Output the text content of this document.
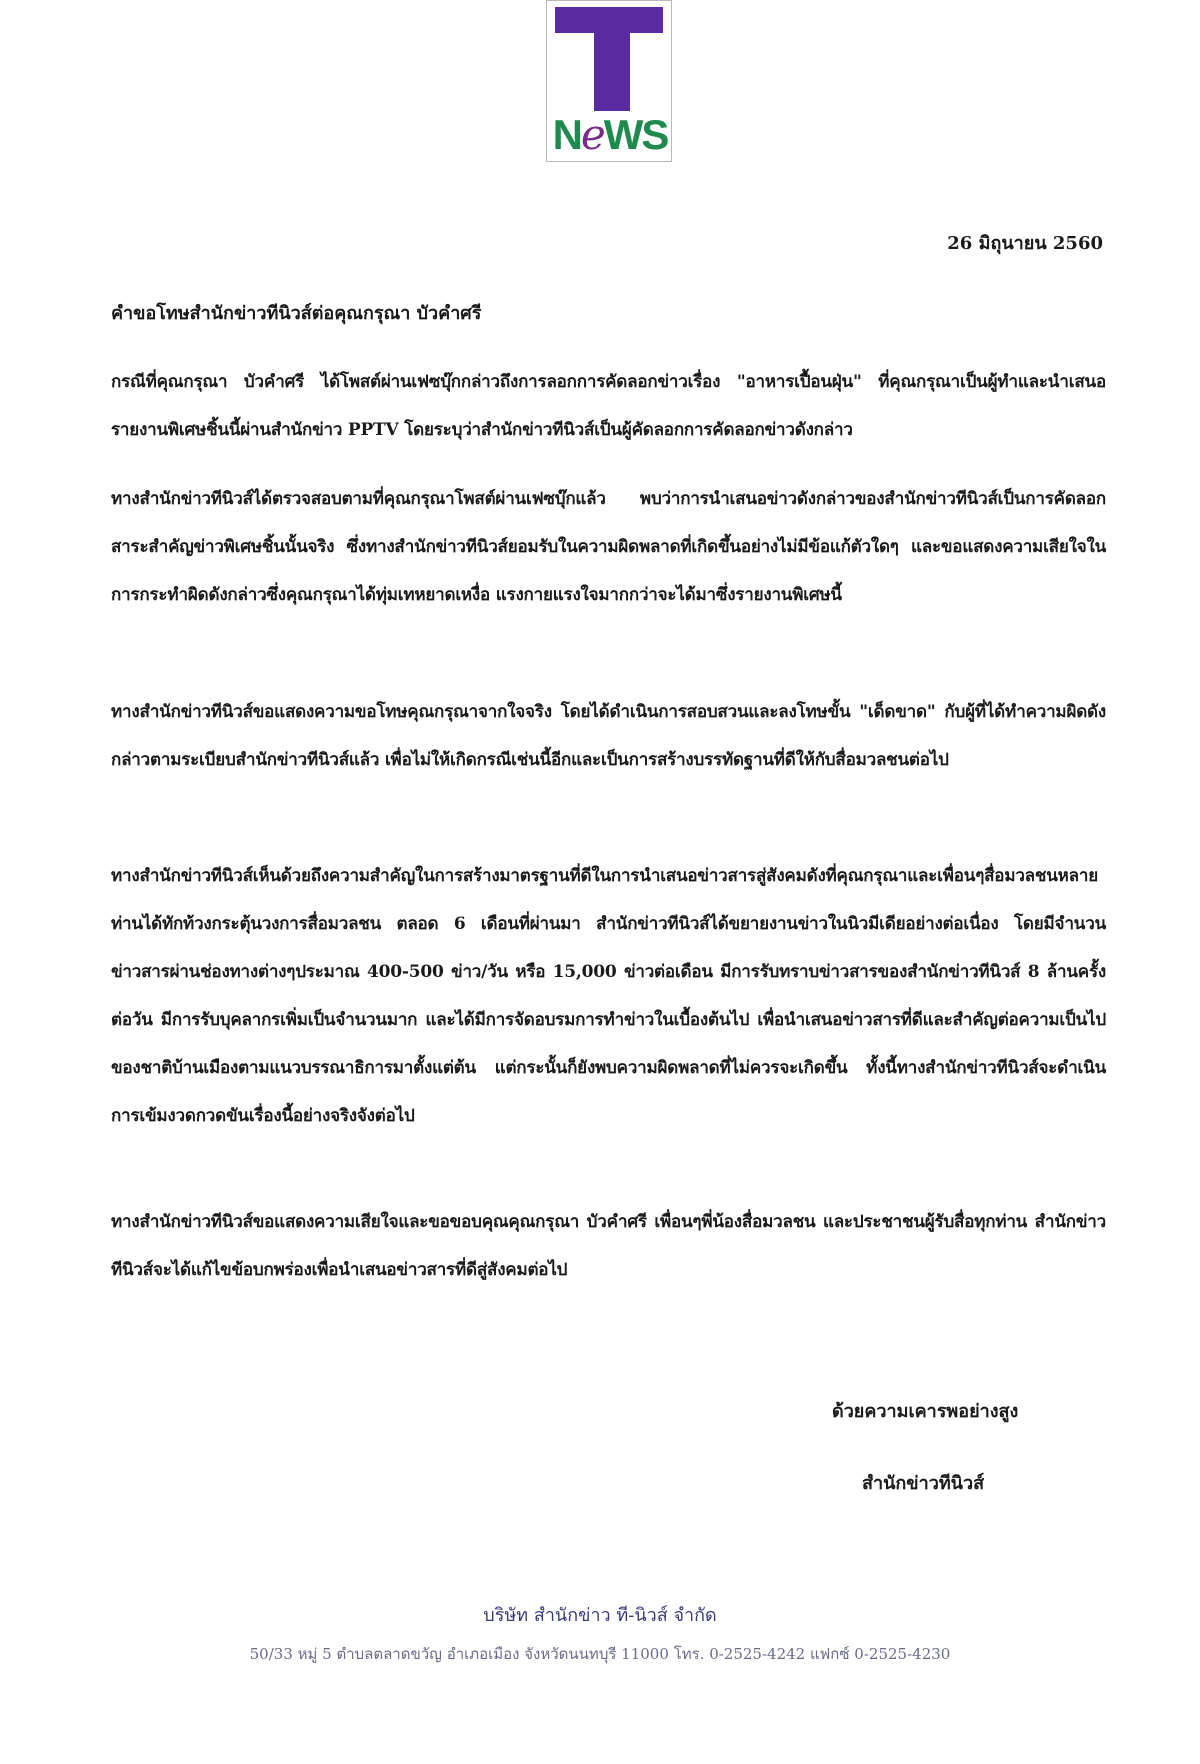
NeWS
26 มิถุนายน 2560
คำขอโทษสำนักข่าวทีนิวส์ต่อคุณกรุณา บัวคำศรี
กรณีที่คุณกรุณา บัวคำศรี ได้โพสต์ผ่านเฟซบุ๊กกล่าวถึงการลอกการคัดลอกข่าวเรื่อง "อาหารเปื้อนฝุ่น" ที่คุณกรุณาเป็นผู้ทำและนำเสนอรายงานพิเศษชิ้นนี้ผ่านสำนักข่าว PPTV โดยระบุว่าสำนักข่าวทีนิวส์เป็นผู้คัดลอกการคัดลอกข่าวดังกล่าว
ทางสำนักข่าวทีนิวส์ได้ตรวจสอบตามที่คุณกรุณาโพสต์ผ่านเฟซบุ๊กแล้ว พบว่าการนำเสนอข่าวดังกล่าวของสำนักข่าวทีนิวส์เป็นการคัดลอกสาระสำคัญข่าวพิเศษชิ้นนั้นจริง ซึ่งทางสำนักข่าวทีนิวส์ยอมรับในความผิดพลาดที่เกิดขึ้นอย่างไม่มีข้อแก้ตัวใดๆ และขอแสดงความเสียใจในการกระทำผิดดังกล่าวซึ่งคุณกรุณาได้ทุ่มเทหยาดเหงื่อ แรงกายแรงใจมากกว่าจะได้มาซึ่งรายงานพิเศษนี้
ทางสำนักข่าวทีนิวส์ขอแสดงความขอโทษคุณกรุณาจากใจจริง โดยได้ดำเนินการสอบสวนและลงโทษขั้น "เด็ดขาด" กับผู้ที่ได้ทำความผิดดังกล่าวตามระเบียบสำนักข่าวทีนิวส์แล้ว เพื่อไม่ให้เกิดกรณีเช่นนี้อีกและเป็นการสร้างบรรทัดฐานที่ดีให้กับสื่อมวลชนต่อไป
ทางสำนักข่าวทีนิวส์เห็นด้วยถึงความสำคัญในการสร้างมาตรฐานที่ดีในการนำเสนอข่าวสารสู่สังคมดังที่คุณกรุณาและเพื่อนๆสื่อมวลชนหลายท่านได้ทักท้วงกระตุ้นวงการสื่อมวลชน ตลอด 6 เดือนที่ผ่านมา สำนักข่าวทีนิวส์ได้ขยายงานข่าวในนิวมีเดียอย่างต่อเนื่อง โดยมีจำนวนข่าวสารผ่านช่องทางต่างๆประมาณ 400-500 ข่าว/วัน หรือ 15,000 ข่าวต่อเดือน มีการรับทราบข่าวสารของสำนักข่าวทีนิวส์ 8 ล้านครั้งต่อวัน มีการรับบุคลากรเพิ่มเป็นจำนวนมาก และได้มีการจัดอบรมการทำข่าวในเบื้องต้นไป เพื่อนำเสนอข่าวสารที่ดีและสำคัญต่อความเป็นไปของชาติบ้านเมืองตามแนวบรรณาธิการมาตั้งแต่ต้น แต่กระนั้นก็ยังพบความผิดพลาดที่ไม่ควรจะเกิดขึ้น ทั้งนี้ทางสำนักข่าวทีนิวส์จะดำเนินการเข้มงวดกวดขันเรื่องนี้อย่างจริงจังต่อไป
ทางสำนักข่าวทีนิวส์ขอแสดงความเสียใจและขอขอบคุณคุณกรุณา บัวคำศรี เพื่อนๆพี่น้องสื่อมวลชน และประชาชนผู้รับสื่อทุกท่าน สำนักข่าวทีนิวส์จะได้แก้ไขข้อบกพร่องเพื่อนำเสนอข่าวสารที่ดีสู่สังคมต่อไป
ด้วยความเคารพอย่างสูง
สำนักข่าวทีนิวส์
บริษัท สำนักข่าว ที-นิวส์ จำกัด
50/33 หมู่ 5 ตำบลตลาดขวัญ อำเภอเมือง จังหวัดนนทบุรี 11000 โทร. 0-2525-4242 แฟกซ์ 0-2525-4230
